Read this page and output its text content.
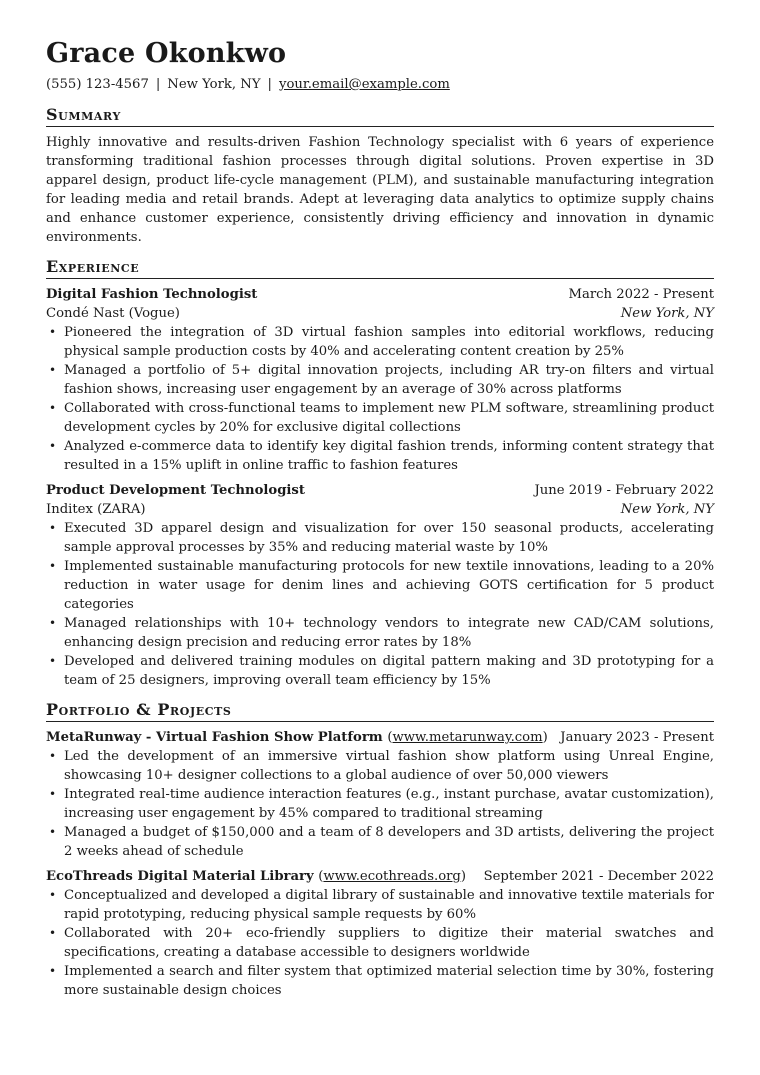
Grace Okonkwo
(555) 123-4567 | New York, NY | your.email@example.com
Summary
Highly innovative and results-driven Fashion Technology specialist with 6 years of experience transforming traditional fashion processes through digital solutions. Proven expertise in 3D apparel design, product life-cycle management (PLM), and sustainable manufacturing integration for leading media and retail brands. Adept at leveraging data analytics to optimize supply chains and enhance customer experience, consistently driving efficiency and innovation in dynamic environments.
Experience
Digital Fashion Technologist	March 2022 - Present
Condé Nast (Vogue)	New York, NY
• Pioneered the integration of 3D virtual fashion samples into editorial workflows, reducing physical sample production costs by 40% and accelerating content creation by 25%
• Managed a portfolio of 5+ digital innovation projects, including AR try-on filters and virtual fashion shows, increasing user engagement by an average of 30% across platforms
• Collaborated with cross-functional teams to implement new PLM software, streamlining product development cycles by 20% for exclusive digital collections
• Analyzed e-commerce data to identify key digital fashion trends, informing content strategy that resulted in a 15% uplift in online traffic to fashion features
Product Development Technologist	June 2019 - February 2022
Inditex (ZARA)	New York, NY
• Executed 3D apparel design and visualization for over 150 seasonal products, accelerating sample approval processes by 35% and reducing material waste by 10%
• Implemented sustainable manufacturing protocols for new textile innovations, leading to a 20% reduction in water usage for denim lines and achieving GOTS certification for 5 product categories
• Managed relationships with 10+ technology vendors to integrate new CAD/CAM solutions, enhancing design precision and reducing error rates by 18%
• Developed and delivered training modules on digital pattern making and 3D prototyping for a team of 25 designers, improving overall team efficiency by 15%
Portfolio & Projects
MetaRunway - Virtual Fashion Show Platform (www.metarunway.com) January 2023 - Present
• Led the development of an immersive virtual fashion show platform using Unreal Engine, showcasing 10+ designer collections to a global audience of over 50,000 viewers
• Integrated real-time audience interaction features (e.g., instant purchase, avatar customization), increasing user engagement by 45% compared to traditional streaming
• Managed a budget of $150,000 and a team of 8 developers and 3D artists, delivering the project 2 weeks ahead of schedule
EcoThreads Digital Material Library (www.ecothreads.org) September 2021 - December 2022
• Conceptualized and developed a digital library of sustainable and innovative textile materials for rapid prototyping, reducing physical sample requests by 60%
• Collaborated with 20+ eco-friendly suppliers to digitize their material swatches and specifications, creating a database accessible to designers worldwide
• Implemented a search and filter system that optimized material selection time by 30%, fostering more sustainable design choices
